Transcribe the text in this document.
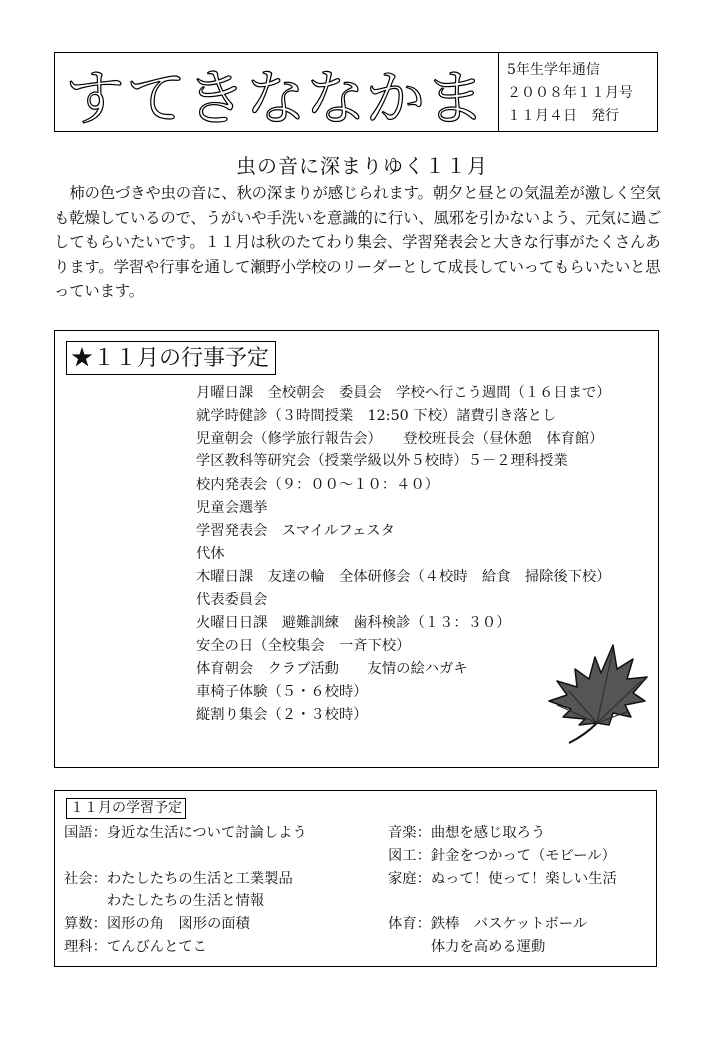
すてきななかま 5年生学年通信
２００８年１１月号
１１月４日　発行
虫の音に深まりゆく１１月
柿の色づきや虫の音に、秋の深まりが感じられます。朝夕と昼との気温差が激しく空気も乾燥しているので、うがいや手洗いを意識的に行い、風邪を引かないよう、元気に過ごしてもらいたいです。１１月は秋のたてわり集会、学習発表会と大きな行事がたくさんあります。学習や行事を通して瀬野小学校のリーダーとして成長していってもらいたいと思っています。
★１１月の行事予定
月曜日課　全校朝会　委員会　学校へ行こう週間（１６日まで）
就学時健診（３時間授業　12:50 下校）諸費引き落とし
児童朝会（修学旅行報告会）　　登校班長会（昼休憩　体育館）
学区教科等研究会（授業学級以外５校時）５－２理科授業
校内発表会（９：００～１０：４０）
児童会選挙
学習発表会　スマイルフェスタ
代休
木曜日課　友達の輪　全体研修会（４校時　給食　掃除後下校）
代表委員会
火曜日日課　避難訓練　歯科検診（１３：３０）
安全の日（全校集会　一斉下校）
体育朝会　クラブ活動　　友情の絵ハガキ
車椅子体験（５・６校時）
縦割り集会（２・３校時）
１１月の学習予定
国語：身近な生活について討論しよう
社会：わたしたちの生活と工業製品
　　　わたしたちの生活と情報
算数：図形の角　図形の面積
理科：てんびんとてこ
音楽：曲想を感じ取ろう
図工：針金をつかって（モビール）
家庭：ぬって！使って！楽しい生活
体育：鉄棒　バスケットボール
　　　体力を高める運動
